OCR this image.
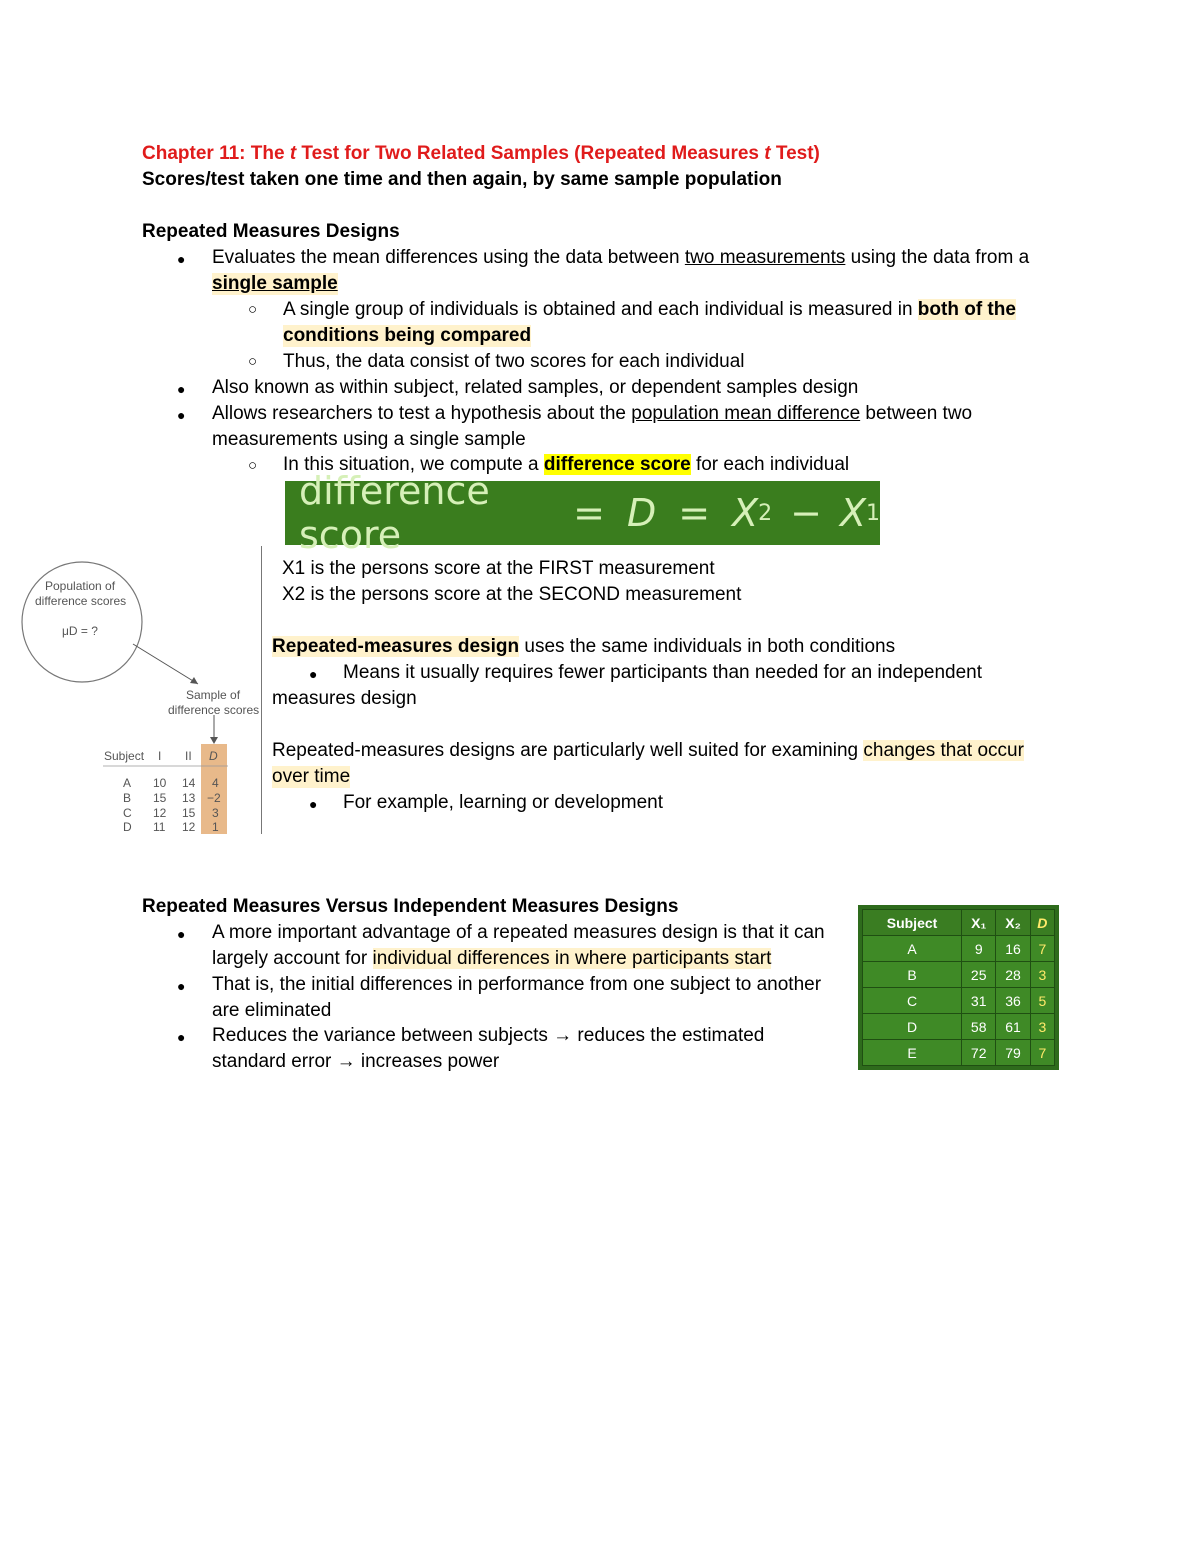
Chapter 11: The t Test for Two Related Samples (Repeated Measures t Test)
Scores/test taken one time and then again, by same sample population
Repeated Measures Designs
● Evaluates the mean differences using the data between two measurements using the data from a
single sample
○ A single group of individuals is obtained and each individual is measured in both of the
conditions being compared
○ Thus, the data consist of two scores for each individual
● Also known as within subject, related samples, or dependent samples design
● Allows researchers to test a hypothesis about the population mean difference between two
measurements using a single sample
○ In this situation, we compute a difference score for each individual
difference score	= D = X 2 − X 1
Population of
difference scores
μD = ?
Sample of
difference scores
Subject I II D
A 10 14 4
B 15 13 −2
C 12 15 3
D 11 12 1
X1 is the persons score at the FIRST measurement
X2 is the persons score at the SECOND measurement
Repeated-measures design uses the same individuals in both conditions
● Means it usually requires fewer participants than needed for an independent
measures design
Repeated-measures designs are particularly well suited for examining changes that occur
over time
● For example, learning or development
Repeated Measures Versus Independent Measures Designs
● A more important advantage of a repeated measures design is that it can
largely account for individual differences in where participants start
● That is, the initial differences in performance from one subject to another
are eliminated
● Reduces the variance between subjects → reduces the estimated
standard error → increases power
Subject	X₁	X₂	D
A	9	16	7
B	25	28	3
C	31	36	5
D	58	61	3
E	72	79	7
